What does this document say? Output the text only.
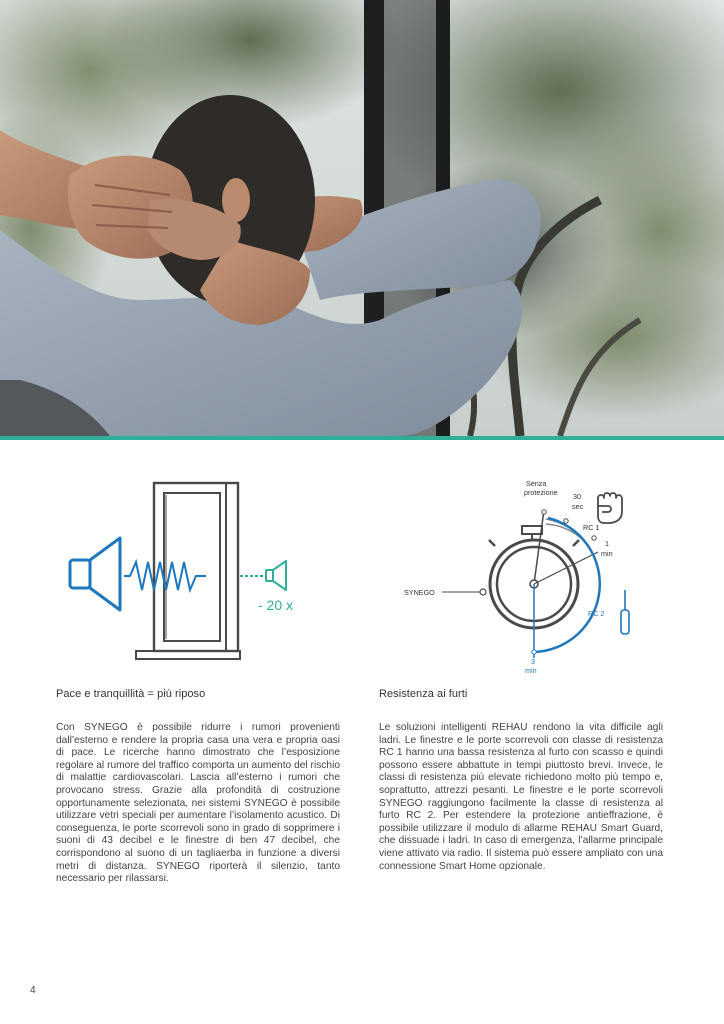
- 20 x
Senza
protezione 30
sec
RC 1
1
min
SYNEGO
RC 2
3
min
Pace e tranquillità = più riposo

Con SYNEGO è possibile ridurre i rumori provenienti dall’esterno e rendere la propria casa una vera e propria oasi di pace. Le ricerche hanno dimostrato che l’esposizione regolare al rumore del traffico comporta un aumento del rischio di malattie cardiovascolari. Lascia all’esterno i rumori che provocano stress. Grazie alla profondità di costruzione opportunamente selezionata, nei sistemi SYNEGO è possibile utilizzare vetri speciali per aumentare l’isolamento acustico. Di conseguenza, le porte scorrevoli sono in grado di sopprimere i suoni di 43 decibel e le finestre di ben 47 decibel, che corrispondono al suono di un tagliaerba in funzione a diversi metri di distanza. SYNEGO riporterà il silenzio, tanto necessario per rilassarsi.

Resistenza ai furti

Le soluzioni intelligenti REHAU rendono la vita difficile agli ladri. Le finestre e le porte scorrevoli con classe di resistenza RC 1 hanno una bassa resistenza al furto con scasso e quindi possono essere abbattute in tempi piuttosto brevi. Invece, le classi di resistenza più elevate richiedono molto più tempo e, soprattutto, attrezzi pesanti. Le finestre e le porte scorrevoli SYNEGO raggiungono facilmente la classe di resistenza al furto RC 2. Per estendere la protezione antieffrazione, è possibile utilizzare il modulo di allarme REHAU Smart Guard, che dissuade i ladri. In caso di emergenza, l’allarme principale viene attivato via radio. Il sistema può essere ampliato con una connessione Smart Home opzionale.

4
